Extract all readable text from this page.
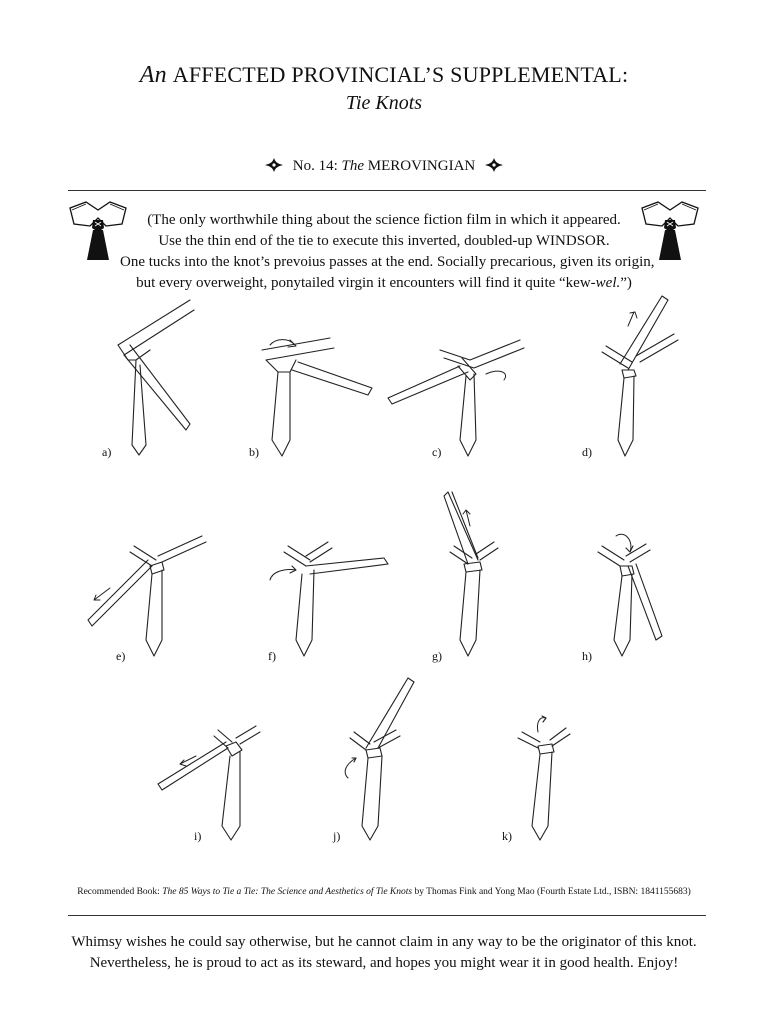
An AFFECTED PROVINCIAL’S SUPPLEMENTAL:
Tie Knots
No. 14: The MEROVINGIAN
(The only worthwhile thing about the science fiction film in which it appeared.
Use the thin end of the tie to execute this inverted, doubled-up WINDSOR.
One tucks into the knot’s prevoius passes at the end. Socially precarious, given its origin,
but every overweight, ponytailed virgin it encounters will find it quite “kew-wel.”)
a)	b)	c)	d)
e)	f)	g)	h)
i)	j)	k)
Recommended Book: The 85 Ways to Tie a Tie: The Science and Aesthetics of Tie Knots by Thomas Fink and Yong Mao (Fourth Estate Ltd., ISBN: 1841155683)
Whimsy wishes he could say otherwise, but he cannot claim in any way to be the originator of this knot.
Nevertheless, he is proud to act as its steward, and hopes you might wear it in good health. Enjoy!
